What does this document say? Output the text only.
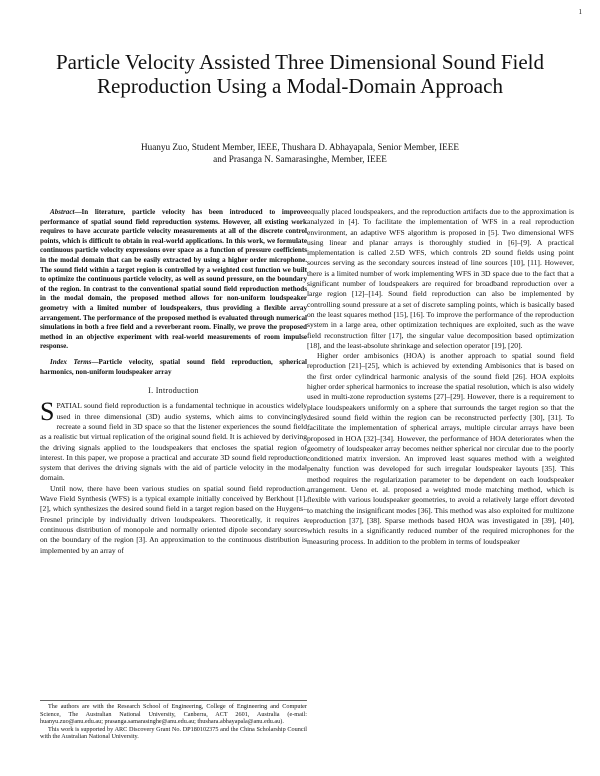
1
Particle Velocity Assisted Three Dimensional Sound Field Reproduction Using a Modal-Domain Approach
Huanyu Zuo, Student Member, IEEE, Thushara D. Abhayapala, Senior Member, IEEE
and Prasanga N. Samarasinghe, Member, IEEE

Abstract—In literature, particle velocity has been introduced to improve performance of spatial sound field reproduction systems. However, all existing work requires to have accurate particle velocity measurements at all of the discrete control points, which is difficult to obtain in real-world applications. In this work, we formulate continuous particle velocity expressions over space as a function of pressure coefficients in the modal domain that can be easily extracted by using a higher order microphone. The sound field within a target region is controlled by a weighted cost function we built to optimize the continuous particle velocity, as well as sound pressure, on the boundary of the region. In contrast to the conventional spatial sound field reproduction methods in the modal domain, the proposed method allows for non-uniform loudspeaker geometry with a limited number of loudspeakers, thus providing a flexible array arrangement. The performance of the proposed method is evaluated through numerical simulations in both a free field and a reverberant room. Finally, we prove the proposed method in an objective experiment with real-world measurements of room impulse response.

Index Terms—Particle velocity, spatial sound field reproduction, spherical harmonics, non-uniform loudspeaker array

I. Introduction

SPATIAL sound field reproduction is a fundamental technique in acoustics widely used in three dimensional (3D) audio systems, which aims to convincingly recreate a sound field in 3D space so that the listener experiences the sound field as a realistic but virtual replication of the original sound field. It is achieved by deriving the driving signals applied to the loudspeakers that encloses the spatial region of interest. In this paper, we propose a practical and accurate 3D sound field reproduction system that derives the driving signals with the aid of particle velocity in the modal domain.

Until now, there have been various studies on spatial sound field reproduction. Wave Field Synthesis (WFS) is a typical example initially conceived by Berkhout [1], [2], which synthesizes the desired sound field in a target region based on the Huygens–Fresnel principle by individually driven loudspeakers. Theoretically, it requires a continuous distribution of monopole and normally oriented dipole secondary sources on the boundary of the region [3]. An approximation to the continuous distribution is implemented by an array of

The authors are with the Research School of Engineering, College of Engineering and Computer Science, The Australian National University, Canberra, ACT 2601, Australia (e-mail: huanyu.zuo@anu.edu.au; prasanga.samarasinghe@anu.edu.au; thushara.abhayapala@anu.edu.au).

This work is supported by ARC Discovery Grant No. DP180102375 and the China Scholarship Council with the Australian National University.

equally placed loudspeakers, and the reproduction artifacts due to the approximation is analyzed in [4]. To facilitate the implementation of WFS in a real reproduction environment, an adaptive WFS algorithm is proposed in [5]. Two dimensional WFS using linear and planar arrays is thoroughly studied in [6]–[9]. A practical implementation is called 2.5D WFS, which controls 2D sound fields using point sources serving as the secondary sources instead of line sources [10], [11]. However, there is a limited number of work implementing WFS in 3D space due to the fact that a significant number of loudspeakers are required for broadband reproduction over a large region [12]–[14]. Sound field reproduction can also be implemented by controlling sound pressure at a set of discrete sampling points, which is basically based on the least squares method [15], [16]. To improve the performance of the reproduction system in a large area, other optimization techniques are exploited, such as the wave field reconstruction filter [17], the singular value decomposition based optimization [18], and the least-absolute shrinkage and selection operator [19], [20].

Higher order ambisonics (HOA) is another approach to spatial sound field reproduction [21]–[25], which is achieved by extending Ambisonics that is based on the first order cylindrical harmonic analysis of the sound field [26]. HOA exploits higher order spherical harmonics to increase the spatial resolution, which is also widely used in multi-zone reproduction systems [27]–[29]. However, there is a requirement to place loudspeakers uniformly on a sphere that surrounds the target region so that the desired sound field within the region can be reconstructed perfectly [30], [31]. To facilitate the implementation of spherical arrays, multiple circular arrays have been proposed in HOA [32]–[34]. However, the performance of HOA deteriorates when the geometry of loudspeaker array becomes neither spherical nor circular due to the poorly conditioned matrix inversion. An improved least squares method with a weighted penalty function was developed for such irregular loudspeaker layouts [35]. This method requires the regularization parameter to be dependent on each loudspeaker arrangement. Ueno et. al. proposed a weighted mode matching method, which is flexible with various loudspeaker geometries, to avoid a relatively large effort devoted to matching the insignificant modes [36]. This method was also exploited for multizone reproduction [37], [38]. Sparse methods based HOA was investigated in [39], [40], which results in a significantly reduced number of the required microphones for the measuring process. In addition to the problem in terms of loudspeaker
